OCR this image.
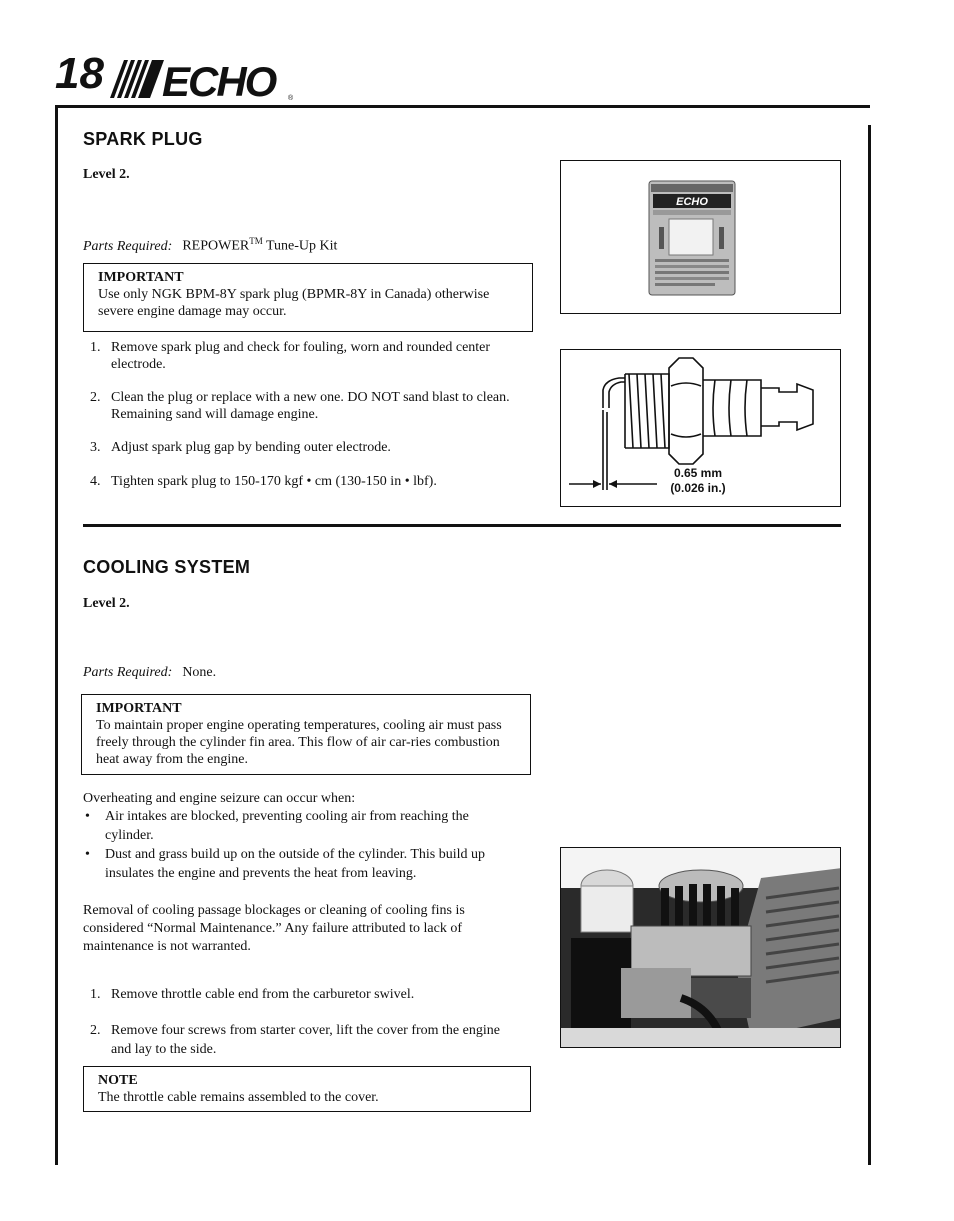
18 ECHO ®
SPARK PLUG
Level 2.
Parts Required: REPOWER™ Tune-Up Kit
IMPORTANT
Use only NGK BPM-8Y spark plug (BPMR-8Y in Canada) otherwise severe engine damage may occur.
1. Remove spark plug and check for fouling, worn and rounded center electrode.
2. Clean the plug or replace with a new one. DO NOT sand blast to clean. Remaining sand will damage engine.
3. Adjust spark plug gap by bending outer electrode.
4. Tighten spark plug to 150-170 kgf • cm (130-150 in • lbf).
ECHO
0.65 mm
(0.026 in.)
COOLING SYSTEM
Level 2.
Parts Required: None.
IMPORTANT
To maintain proper engine operating temperatures, cooling air must pass freely through the cylinder fin area. This flow of air car-ries combustion heat away from the engine.
Overheating and engine seizure can occur when:
• Air intakes are blocked, preventing cooling air from reaching the cylinder.
• Dust and grass build up on the outside of the cylinder. This build up insulates the engine and prevents the heat from leaving.
Removal of cooling passage blockages or cleaning of cooling fins is considered “Normal Maintenance.” Any failure attributed to lack of maintenance is not warranted.
1. Remove throttle cable end from the carburetor swivel.
2. Remove four screws from starter cover, lift the cover from the engine and lay to the side.
NOTE
The throttle cable remains assembled to the cover.
